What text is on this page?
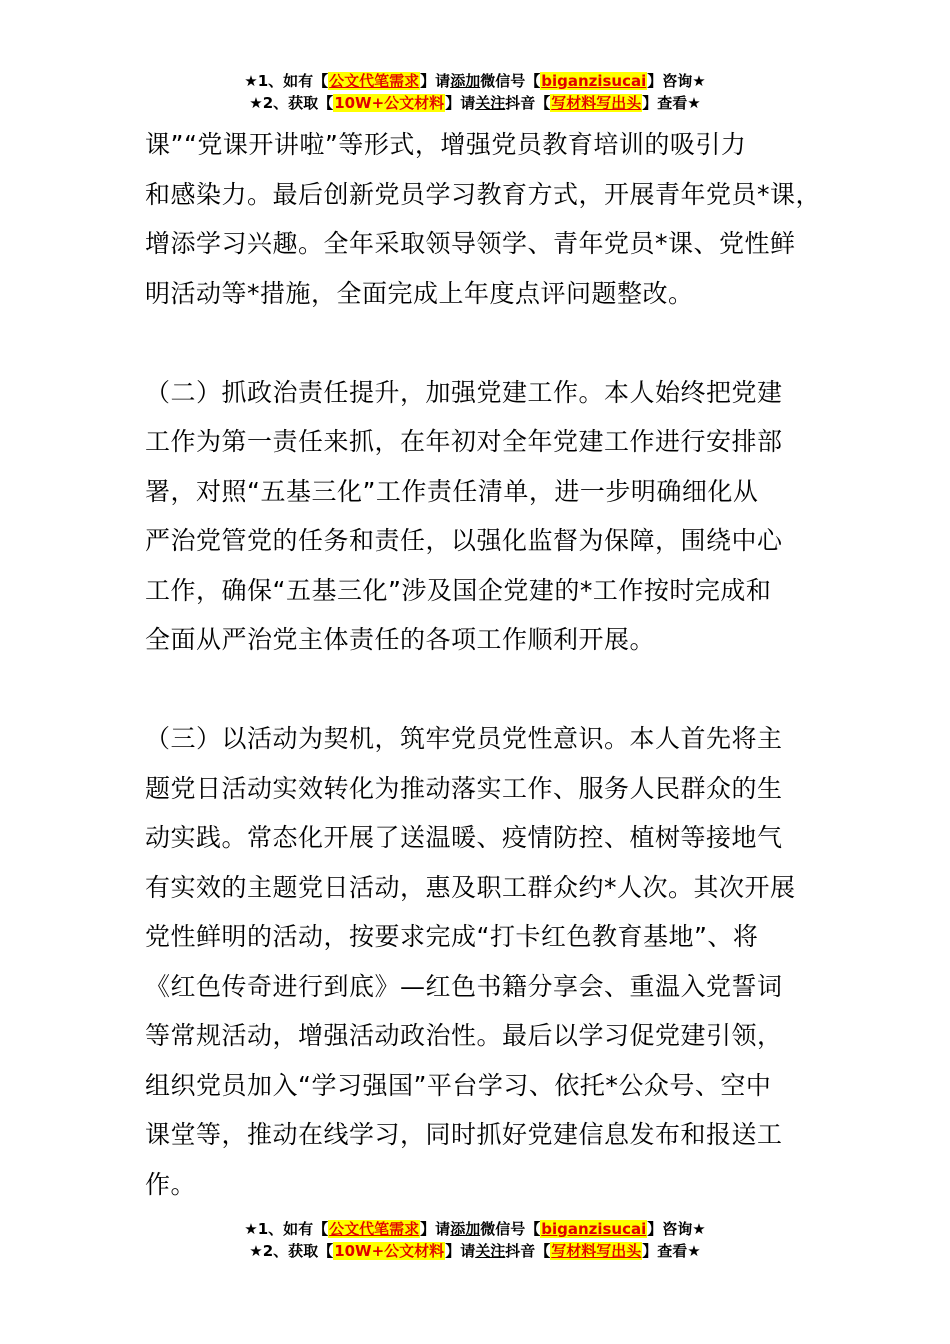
★1、如有【公文代笔需求】请添加微信号【biganzisucai】咨询★
★2、获取【10W+公文材料】请关注抖音【写材料写出头】查看★
课”“党课开讲啦”等形式，增强党员教育培训的吸引力
和感染力。最后创新党员学习教育方式，开展青年党员*课，
增添学习兴趣。全年采取领导领学、青年党员*课、党性鲜
明活动等*措施，全面完成上年度点评问题整改。
（二）抓政治责任提升，加强党建工作。本人始终把党建
工作为第一责任来抓，在年初对全年党建工作进行安排部
署，对照“五基三化”工作责任清单，进一步明确细化从
严治党管党的任务和责任，以强化监督为保障，围绕中心
工作，确保“五基三化”涉及国企党建的*工作按时完成和
全面从严治党主体责任的各项工作顺利开展。
（三）以活动为契机，筑牢党员党性意识。本人首先将主
题党日活动实效转化为推动落实工作、服务人民群众的生
动实践。常态化开展了送温暖、疫情防控、植树等接地气
有实效的主题党日活动，惠及职工群众约*人次。其次开展
党性鲜明的活动，按要求完成“打卡红色教育基地”、将
《红色传奇进行到底》—红色书籍分享会、重温入党誓词
等常规活动，增强活动政治性。最后以学习促党建引领，
组织党员加入“学习强国”平台学习、依托*公众号、空中
课堂等，推动在线学习，同时抓好党建信息发布和报送工
作。
★1、如有【公文代笔需求】请添加微信号【biganzisucai】咨询★
★2、获取【10W+公文材料】请关注抖音【写材料写出头】查看★
